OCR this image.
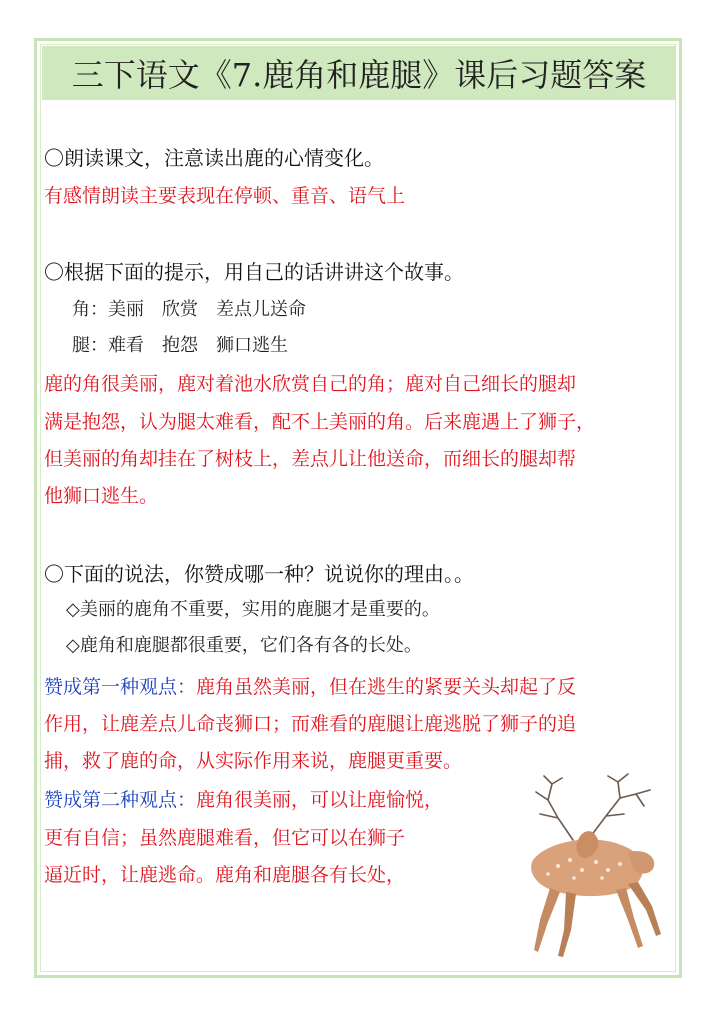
三下语文《7.鹿角和鹿腿》课后习题答案
〇朗读课文，注意读出鹿的心情变化。
有感情朗读主要表现在停顿、重音、语气上
〇根据下面的提示，用自己的话讲讲这个故事。
角：美丽　欣赏　差点儿送命
腿：难看　抱怨　狮口逃生
鹿的角很美丽，鹿对着池水欣赏自己的角；鹿对自己细长的腿却
满是抱怨，认为腿太难看，配不上美丽的角。后来鹿遇上了狮子，
但美丽的角却挂在了树枝上，差点儿让他送命，而细长的腿却帮
他狮口逃生。
〇下面的说法，你赞成哪一种？说说你的理由。。
◇美丽的鹿角不重要，实用的鹿腿才是重要的。
◇鹿角和鹿腿都很重要，它们各有各的长处。
赞成第一种观点：鹿角虽然美丽，但在逃生的紧要关头却起了反
作用，让鹿差点儿命丧狮口；而难看的鹿腿让鹿逃脱了狮子的追
捕，救了鹿的命，从实际作用来说，鹿腿更重要。
赞成第二种观点：鹿角很美丽，可以让鹿愉悦，
更有自信；虽然鹿腿难看，但它可以在狮子
逼近时，让鹿逃命。鹿角和鹿腿各有长处，
